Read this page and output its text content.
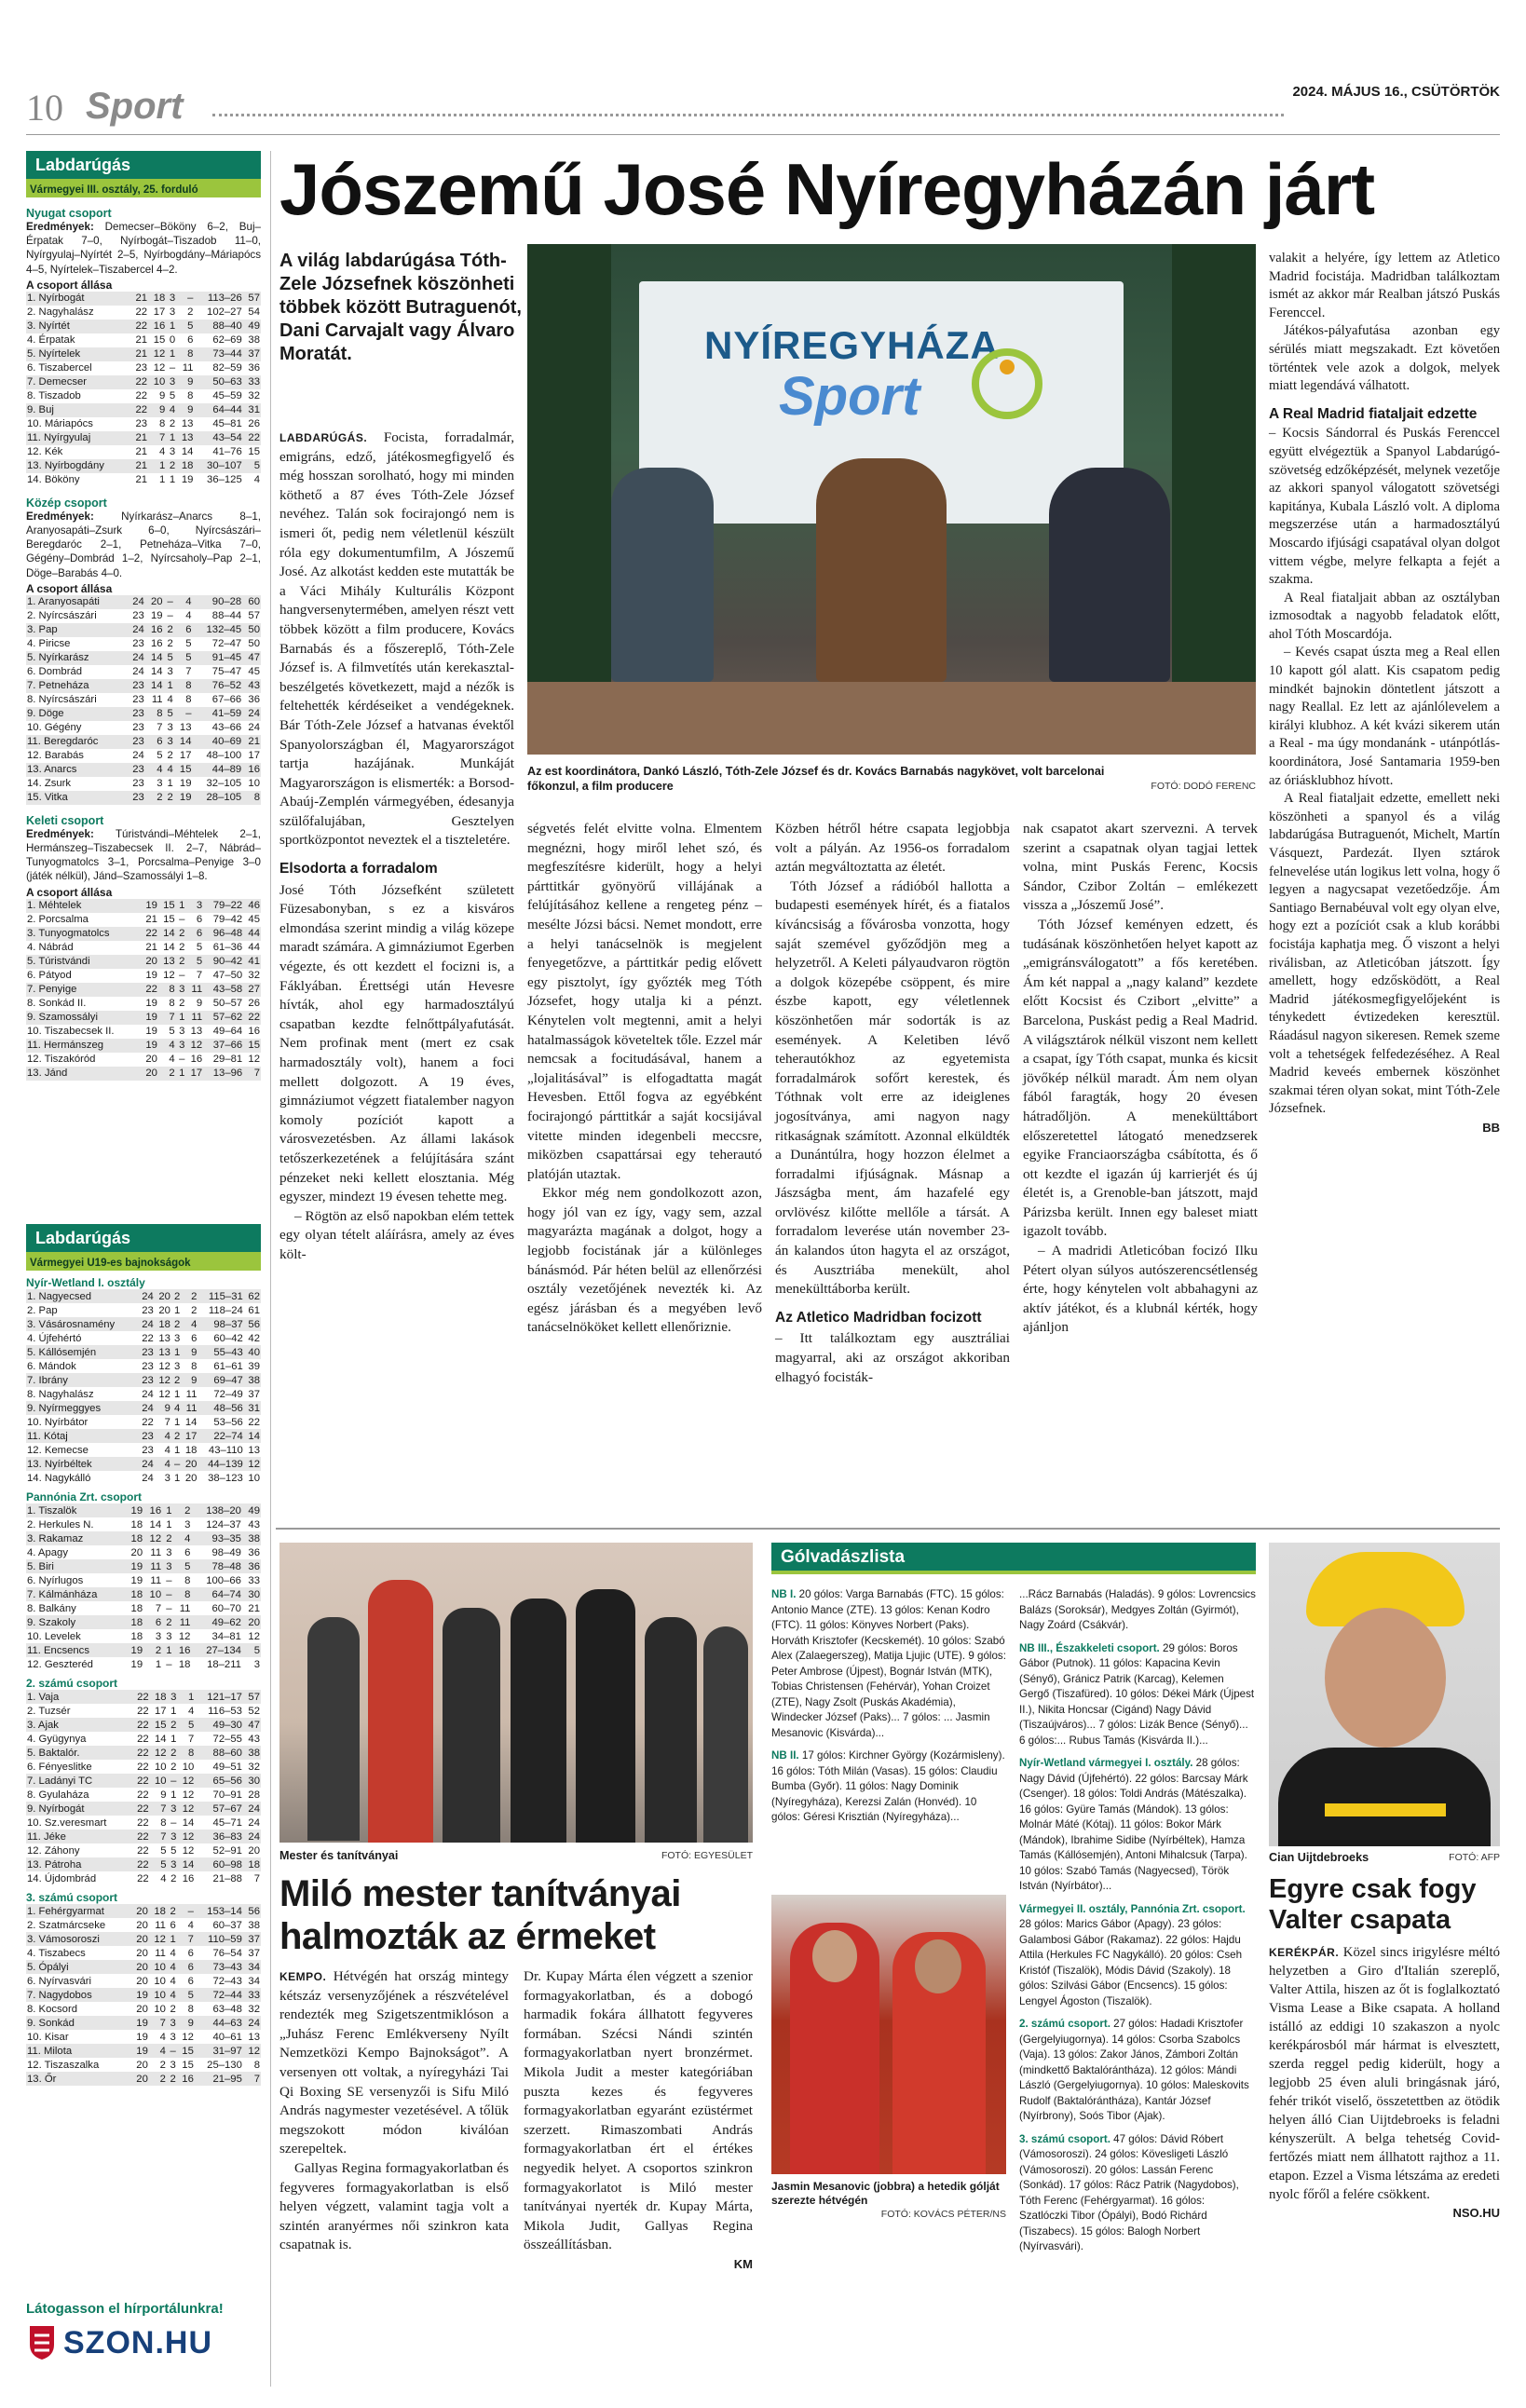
10 Sport	2024. MÁJUS 16., CSÜTÖRTÖK
Labdarúgás
Vármegyei III. osztály, 25. forduló
Nyugat csoport
Eredmények: Demecser–Bököny 6–2, Buj–Érpatak 7–0, Nyírbogát–Tiszadob 11–0, Nyírgyulaj–Nyírtét 2–5, Nyírbogdány–Máriapócs 4–5, Nyírtelek–Tiszabercel 4–2.
A csoport állása
1. Nyírbogát	21	18	3	–	113–26	57
2. Nagyhalász	22	17	3	2	102–27	54
3. Nyírtét	22	16	1	5	88–40	49
4. Érpatak	21	15	0	6	62–69	38
5. Nyírtelek	21	12	1	8	73–44	37
6. Tiszabercel	23	12	–	11	82–59	36
7. Demecser	22	10	3	9	50–63	33
8. Tiszadob	22	9	5	8	45–59	32
9. Buj	22	9	4	9	64–44	31
10. Máriapócs	23	8	2	13	45–81	26
11. Nyírgyulaj	21	7	1	13	43–54	22
12. Kék	21	4	3	14	41–76	15
13. Nyírbogdány	21	1	2	18	30–107	5
14. Bököny	21	1	1	19	36–125	4
Közép csoport
Eredmények:	Nyírkarász–Anarcs 8–1, Aranyosapáti–Zsurk 6–0, Nyírcsászári–Beregdaróc 2–1, Petneháza–Vitka 7–0, Gégény–Dombrád 1–2, Nyírcsaholy–Pap 2–1, Döge–Barabás 4–0.
A csoport állása
1. Aranyosapáti	24	20	–	4	90–28	60
2. Nyírcsászári	23	19	–	4	88–44	57
3. Pap	24	16	2	6	132–45	50
4. Piricse	23	16	2	5	72–47	50
5. Nyírkarász	24	14	5	5	91–45	47
6. Dombrád	24	14	3	7	75–47	45
7. Petneháza	23	14	1	8	76–52	43
8. Nyírcsászári	23	11	4	8	67–66	36
9. Döge	23	8	5	–	41–59	24
10. Gégény	23	7	3	13	43–66	24
11. Beregdaróc	23	6	3	14	40–69	21
12. Barabás	24	5	2	17	48–100	17
13. Anarcs	23	4	4	15	44–89	16
14. Zsurk	23	3	1	19	32–105	10
15. Vitka	23	2	2	19	28–105	8
Keleti csoport
Eredmények: Túristvándi–Méhtelek 2–1, Hermánszeg–Tiszabecsek II. 2–7, Nábrád–Tunyogmatolcs 3–1, Porcsalma–Penyige 3–0 (játék nélkül), Jánd–Szamossályi 1–8.
A csoport állása
1. Méhtelek	19	15	1	3	79–22	46
2. Porcsalma	21	15	–	6	79–42	45
3. Tunyogmatolcs	22	14	2	6	96–48	44
4. Nábrád	21	14	2	5	61–36	44
5. Túristvándi	20	13	2	5	90–42	41
6. Pátyod	19	12	–	7	47–50	32
7. Penyige	22	8	3	11	43–58	27
8. Sonkád II.	19	8	2	9	50–57	26
9. Szamossályi	19	7	1	11	57–62	22
10. Tiszabecsek II.	19	5	3	13	49–64	16
11. Hermánszeg	19	4	3	12	37–66	15
12. Tiszakóród	20	4	–	16	29–81	12
13. Jánd	20	2	1	17	13–96	7
Labdarúgás
Vármegyei U19-es bajnokságok
Nyír-Wetland I. osztály
1. Nagyecsed	24	20	2	2	115–31	62
2. Pap	23	20	1	2	118–24	61
3. Vásárosnamény	24	18	2	4	98–37	56
4. Újfehértó	22	13	3	6	60–42	42
5. Kállósemjén	23	13	1	9	55–43	40
6. Mándok	23	12	3	8	61–61	39
7. Ibrány	23	12	2	9	69–47	38
8. Nagyhalász	24	12	1	11	72–49	37
9. Nyírmeggyes	24	9	4	11	48–56	31
10. Nyírbátor	22	7	1	14	53–56	22
11. Kótaj	23	4	2	17	22–74	14
12. Kemecse	23	4	1	18	43–110	13
13. Nyírbéltek	24	4	–	20	44–139	12
14. Nagykálló	24	3	1	20	38–123	10
Pannónia Zrt. csoport
1. Tiszalök	19	16	1	2	138–20	49
2. Herkules N.	18	14	1	3	124–37	43
3. Rakamaz	18	12	2	4	93–35	38
4. Apagy	20	11	3	6	98–49	36
5. Biri	19	11	3	5	78–48	36
6. Nyírlugos	19	11	–	8	100–66	33
7. Kálmánháza	18	10	–	8	64–74	30
8. Balkány	18	7	–	11	60–70	21
9. Szakoly	18	6	2	11	49–62	20
10. Levelek	18	3	3	12	34–81	12
11. Encsencs	19	2	1	16	27–134	5
12. Geszteréd	19	1	–	18	18–211	3
2. számú csoport
1. Vaja	22	18	3	1	121–17	57
2. Tuzsér	22	17	1	4	116–53	52
3. Ajak	22	15	2	5	49–30	47
4. Gyügynya	22	14	1	7	72–55	43
5. Baktalór.	22	12	2	8	88–60	38
6. Fényeslitke	22	10	2	10	49–51	32
7. Ladányi TC	22	10	–	12	65–56	30
8. Gyulaháza	22	9	1	12	70–91	28
9. Nyírbogát	22	7	3	12	57–67	24
10. Sz.veresmart	22	8	–	14	45–71	24
11. Jéke	22	7	3	12	36–83	24
12. Záhony	22	5	5	12	52–91	20
13. Pátroha	22	5	3	14	60–98	18
14. Újdombrád	22	4	2	16	21–88	7
3. számú csoport
1. Fehérgyarmat	20	18	2	–	153–14	56
2. Szatmárcseke	20	11	6	4	60–37	38
3. Vámosoroszi	20	12	1	7	110–59	37
4. Tiszabecs	20	11	4	6	76–54	37
5. Ópályi	20	10	4	6	73–43	34
6. Nyírvasvári	20	10	4	6	72–43	34
7. Nagydobos	19	10	4	5	72–44	33
8. Kocsord	20	10	2	8	63–48	32
9. Sonkád	19	7	3	9	44–63	24
10. Kisar	19	4	3	12	40–61	13
11. Milota	19	4	–	15	31–97	12
12. Tiszaszalka	20	2	3	15	25–130	8
13. Őr	20	2	2	16	21–95	7
Látogasson el hírportálunkra!
SZON.HU
Jószemű José Nyíregyházán járt
A világ labdarúgása Tóth-Zele Józsefnek köszönheti többek között Butraguenót, Dani Carvajalt vagy Álvaro Moratát.	NYÍREGYHÁZA
Sport
FOTÓ: DODÓ FERENC
Az est koordinátora, Dankó László, Tóth-Zele József és dr. Kovács Barnabás nagykövet, volt barcelonai főkonzul, a film producere

LABDARÚGÁS. Focista, forradalmár, emigráns, edző, játékosmegfigyelő és még hosszan sorolható, hogy mi minden köthető a 87 éves Tóth-Zele József nevéhez. Talán sok focirajongó nem is ismeri őt, pedig nem véletlenül készült róla egy dokumentumfilm, A Jószemű José. Az alkotást kedden este mutatták be a Váci Mihály Kulturális Központ hangversenytermében, amelyen részt vett többek között a film producere, Kovács Barnabás és a főszereplő, Tóth-Zele József is. A filmvetítés után kerekasztal-beszélgetés következett, majd a nézők is feltehették kérdéseiket a vendégeknek. Bár Tóth-Zele József a hatvanas évektől Spanyolországban él, Magyarországot tartja hazájának. Munkáját Magyarországon is elismerték: a Borsod-Abaúj-Zemplén vármegyében, édesanyja szülőfalujában, Gesztelyen sportközpontot neveztek el a tiszteletére.

Elsodorta a forradalom

José Tóth Józsefként született Füzesabonyban, s ez a kisváros elmondása szerint mindig a világ közepe maradt számára. A gimnáziumot Egerben végezte, és ott kezdett el focizni is, a Fáklyában. Érettségi után Hevesre hívták, ahol egy harmadosztályú csapatban kezdte felnőttpályafutását. Nem profinak ment (mert ez csak harmadosztály volt), hanem a foci mellett dolgozott. A 19 éves, gimnáziumot végzett fiatalember nagyon komoly pozíciót kapott a városvezetésben. Az állami lakások tetőszerkezetének a felújítására szánt pénzeket neki kellett elosztania. Még egyszer, mindezt 19 évesen tehette meg.

– Rögtön az első napokban elém tettek egy olyan tételt aláírásra, amely az éves költ-

ségvetés felét elvitte volna. Elmentem megnézni, hogy miről lehet szó, és megfeszítésre kiderült, hogy a helyi párttitkár gyönyörű villájának a felújításához kellene a rengeteg pénz – mesélte Józsi bácsi. Nemet mondott, erre a helyi tanácselnök is megjelent fenyegetőzve, a párttitkár pedig elővett egy pisztolyt, így győzték meg Tóth Józsefet, hogy utalja ki a pénzt. Kénytelen volt megtenni, amit a helyi hatalmasságok követeltek tőle. Ezzel már nemcsak a focitudásával, hanem a „lojalitásával” is elfogadtatta magát Hevesben. Ettől fogva az egyébként focirajongó párttitkár a saját kocsijával vitette minden idegenbeli meccsre, miközben csapattársai egy teherautó platóján utaztak.

Ekkor még nem gondolkozott azon, hogy jól van ez így, vagy sem, azzal magyarázta magának a dolgot, hogy a legjobb focistának jár a különleges bánásmód. Pár héten belül az ellenőrzési osztály vezetőjének nevezték ki. Az egész járásban és a megyében levő tanácselnököket kellett ellenőriznie.

Közben hétről hétre csapata legjobbja volt a pályán. Az 1956-os forradalom aztán megváltoztatta az életét.

Tóth József a rádióból hallotta a budapesti események hírét, és a fiatalos kíváncsiság a fővárosba vonzotta, hogy saját szemével győződjön meg a helyzetről. A Keleti pályaudvaron rögtön a dolgok közepébe csöppent, és mire észbe kapott, egy véletlennek köszönhetően már sodorták is az események. A Keletiben lévő teherautókhoz az egyetemista forradalmárok sofőrt kerestek, és Tóthnak volt erre az ideiglenes jogosítványa, ami nagyon nagy ritkaságnak számított. Azonnal elküldték a Dunántúlra, hogy hozzon élelmet a forradalmi ifjúságnak. Másnap a Jászságba ment, ám hazafelé egy orvlövész kilőtte mellőle a társát. A forradalom leverése után november 23-án kalandos úton hagyta el az országot, és Ausztriába menekült, ahol menekülttáborba került.

Az Atletico Madridban focizott

– Itt találkoztam egy ausztráliai magyarral, aki az országot akkoriban elhagyó focisták-

nak csapatot akart szervezni. A tervek szerint a csapatnak olyan tagjai lettek volna, mint Puskás Ferenc, Kocsis Sándor, Czibor Zoltán – emlékezett vissza a „Jószemű José”.

Tóth József keményen edzett, és tudásának köszönhetően helyet kapott az „emigránsválogatott” a fős keretében. Ám két nappal a „nagy kaland” kezdete előtt Kocsist és Czibort „elvitte” a Barcelona, Puskást pedig a Real Madrid. A világsztárok nélkül viszont nem kellett a csapat, így Tóth csapat, munka és kicsit jövőkép nélkül maradt. Ám nem olyan fából faragták, hogy 20 évesen hátradőljön. A menekülttábort előszeretettel látogató menedzserek egyike Franciaországba csábította, és ő ott kezdte el igazán új karrierjét és új életét is, a Grenoble-ban játszott, majd Párizsba került. Innen egy baleset miatt igazolt tovább.

– A madridi Atleticóban focizó Ilku Pétert olyan súlyos autószerencsétlenség érte, hogy kénytelen volt abbahagyni az aktív játékot, és a klubnál kérték, hogy ajánljon

valakit a helyére, így lettem az Atletico Madrid focistája. Madridban találkoztam ismét az akkor már Realban játszó Puskás Ferenccel.

Játékos-pályafutása azonban egy sérülés miatt megszakadt. Ezt követően történtek vele azok a dolgok, melyek miatt legendává válhatott.

A Real Madrid fiataljait edzette

– Kocsis Sándorral és Puskás Ferenccel együtt elvégeztük a Spanyol Labdarúgó-szövetség edzőképzését, melynek vezetője az akkori spanyol válogatott szövetségi kapitánya, Kubala László volt. A diploma megszerzése után a harmadosztályú Moscardo ifjúsági csapatával olyan dolgot vittem végbe, melyre felkapta a fejét a szakma.

A Real fiataljait abban az osztályban izmosodtak a nagyobb feladatok előtt, ahol Tóth Moscardója.

– Kevés csapat úszta meg a Real ellen 10 kapott gól alatt. Kis csapatom pedig mindkét bajnokin döntetlent játszott a nagy Reallal. Ez lett az ajánlólevelem a királyi klubhoz. A két kvázi sikerem után a Real - ma úgy mondanánk - utánpótlás-koordinátora, José Santamaria 1959-ben az óriásklubhoz hívott.

A Real fiataljait edzette, emellett neki köszönheti a spanyol és a világ labdarúgása Butraguenót, Michelt, Martín Vásquezt, Pardezát. Ilyen sztárok felnevelése után logikus lett volna, hogy ő legyen a nagycsapat vezetőedzője. Ám Santiago Bernabéuval volt egy olyan elve, hogy ezt a pozíciót csak a klub korábbi focistája kaphatja meg. Ő viszont a helyi riválisban, az Atleticóban játszott. Így amellett, hogy edzősködött, a Real Madrid játékosmegfigyelőjeként is ténykedett évtizedeken keresztül. Ráadásul nagyon sikeresen. Remek szeme volt a tehetségek felfedezéséhez. A Real Madrid keveés embernek köszönhet szakmai téren olyan sokat, mint Tóth-Zele Józsefnek.

BB
FOTÓ: EGYESÜLET
Mester és tanítványai
Miló mester tanítványai halmozták az érmeket

KEMPO. Hétvégén hat ország mintegy kétszáz versenyzőjének a részvételével rendezték meg Szigetszentmiklóson a „Juhász Ferenc Emlékverseny Nyílt Nemzetközi Kempo Bajnokságot”. A versenyen ott voltak, a nyíregyházi Tai Qi Boxing SE versenyzői is Sifu Miló András nagymester vezetésével. A tőlük megszokott módon kiválóan szerepeltek.

Gallyas Regina formagyakorlatban és fegyveres formagyakorlatban is első helyen végzett, valamint tagja volt a szintén aranyérmes női szinkron kata csapatnak is.

Dr. Kupay Márta élen végzett a szenior formagyakorlatban, és a dobogó harmadik fokára állhatott fegyveres formában. Szécsi Nándi szintén formagyakorlatban nyert bronzérmet. Mikola Judit a mester kategóriában puszta kezes és fegyveres formagyakorlatban egyaránt ezüstérmet szerzett. Rimaszombati András formagyakorlatban ért el értékes negyedik helyet. A csoportos szinkron formagyakorlatot is Miló mester tanítványai nyerték dr. Kupay Márta, Mikola Judit, Gallyas Regina összeállításban.

KM
Gólvadászlista

NB I. 20 gólos: Varga Barnabás (FTC). 15 gólos: Antonio Mance (ZTE). 13 gólos: Kenan Kodro (FTC). 11 gólos: Könyves Norbert (Paks). Horváth Krisztofer (Kecskemét). 10 gólos: Szabó Alex (Zalaegerszeg), Matija Ljujic (UTE). 9 gólos: Peter Ambrose (Újpest), Bognár István (MTK), Tobias Christensen (Fehérvár), Yohan Croizet (ZTE), Nagy Zsolt (Puskás Akadémia), Windecker József (Paks)... 7 gólos: ... Jasmin Mesanovic (Kisvárda)...

NB II. 17 gólos: Kirchner György (Kozármisleny). 16 gólos: Tóth Milán (Vasas). 15 gólos: Claudiu Bumba (Győr). 11 gólos: Nagy Dominik (Nyíregyháza), Kerezsi Zalán (Honvéd). 10 gólos: Géresi Krisztián (Nyíregyháza)...

...Rácz Barnabás (Haladás). 9 gólos: Lovrencsics Balázs (Soroksár), Medgyes Zoltán (Gyirmót), Nagy Zoárd (Csákvár).

NB III., Északkeleti csoport. 29 gólos: Boros Gábor (Putnok). 11 gólos: Kapacina Kevin (Sényő), Gránicz Patrik (Karcag), Kelemen Gergő (Tiszafüred). 10 gólos: Dékei Márk (Újpest II.), Nikita Honcsar (Cigánd) Nagy Dávid (Tiszaújváros)... 7 gólos: Lizák Bence (Sényő)... 6 gólos:... Rubus Tamás (Kisvárda II.)...

Nyír-Wetland vármegyei I. osztály. 28 gólos: Nagy Dávid (Újfehértó). 22 gólos: Barcsay Márk (Csenger). 18 gólos: Toldi András (Mátészalka). 16 gólos: Gyüre Tamás (Mándok). 13 gólos: Molnár Máté (Kótaj). 11 gólos: Bokor Márk (Mándok), Ibrahime Sidibe (Nyírbéltek), Hamza Tamás (Kállósemjén), Antoni Mihalcsuk (Tarpa). 10 gólos: Szabó Tamás (Nagyecsed), Török István (Nyírbátor)...

Vármegyei II. osztály, Pannónia Zrt. csoport. 28 gólos: Marics Gábor (Apagy). 23 gólos: Galambosi Gábor (Rakamaz). 22 gólos: Hajdu Attila (Herkules FC Nagykálló). 20 gólos: Cseh Kristóf (Tiszalök), Módis Dávid (Szakoly). 18 gólos: Szilvási Gábor (Encsencs). 15 gólos: Lengyel Ágoston (Tiszalök).

2. számú csoport. 27 gólos: Hadadi Krisztofer (Gergelyiugornya). 14 gólos: Csorba Szabolcs (Vaja). 13 gólos: Zakor János, Zámbori Zoltán (mindkettő Baktalórántháza). 12 gólos: Mándi László (Gergelyiugornya). 10 gólos: Maleskovits Rudolf (Baktalórántháza), Kantár József (Nyírbrony), Soós Tibor (Ajak).

3. számú csoport. 47 gólos: Dávid Róbert (Vámosoroszi). 24 gólos: Kövesligeti László (Vámosoroszi). 20 gólos: Lassán Ferenc (Sonkád). 17 gólos: Rácz Patrik (Nagydobos), Tóth Ferenc (Fehérgyarmat). 16 gólos: Szatlóczki Tibor (Ópályi), Bodó Richárd (Tiszabecs). 15 gólos: Balogh Norbert (Nyírvasvári).

Jasmin Mesanovic (jobbra) a hetedik gólját szerezte hétvégén
FOTÓ: KOVÁCS PÉTER/NS
FOTÓ: AFP
Cian Uijtdebroeks
Egyre csak fogy Valter csapata

KERÉKPÁR. Közel sincs irigylésre méltó helyzetben a Giro d'Italián szereplő, Valter Attila, hiszen az őt is foglalkoztató Visma Lease a Bike csapata. A holland istálló az eddigi 10 szakaszon a nyolc kerékpárosból már hármat is elvesztett, szerda reggel pedig kiderült, hogy a legjobb 25 éven aluli bringásnak járó, fehér trikót viselő, összetettben az ötödik helyen álló Cian Uijtdebroeks is feladni kényszerült. A belga tehetség Covid-fertőzés miatt nem állhatott rajthoz a 11. etapon. Ezzel a Visma létszáma az eredeti nyolc főről a felére csökkent.

NSO.HU
